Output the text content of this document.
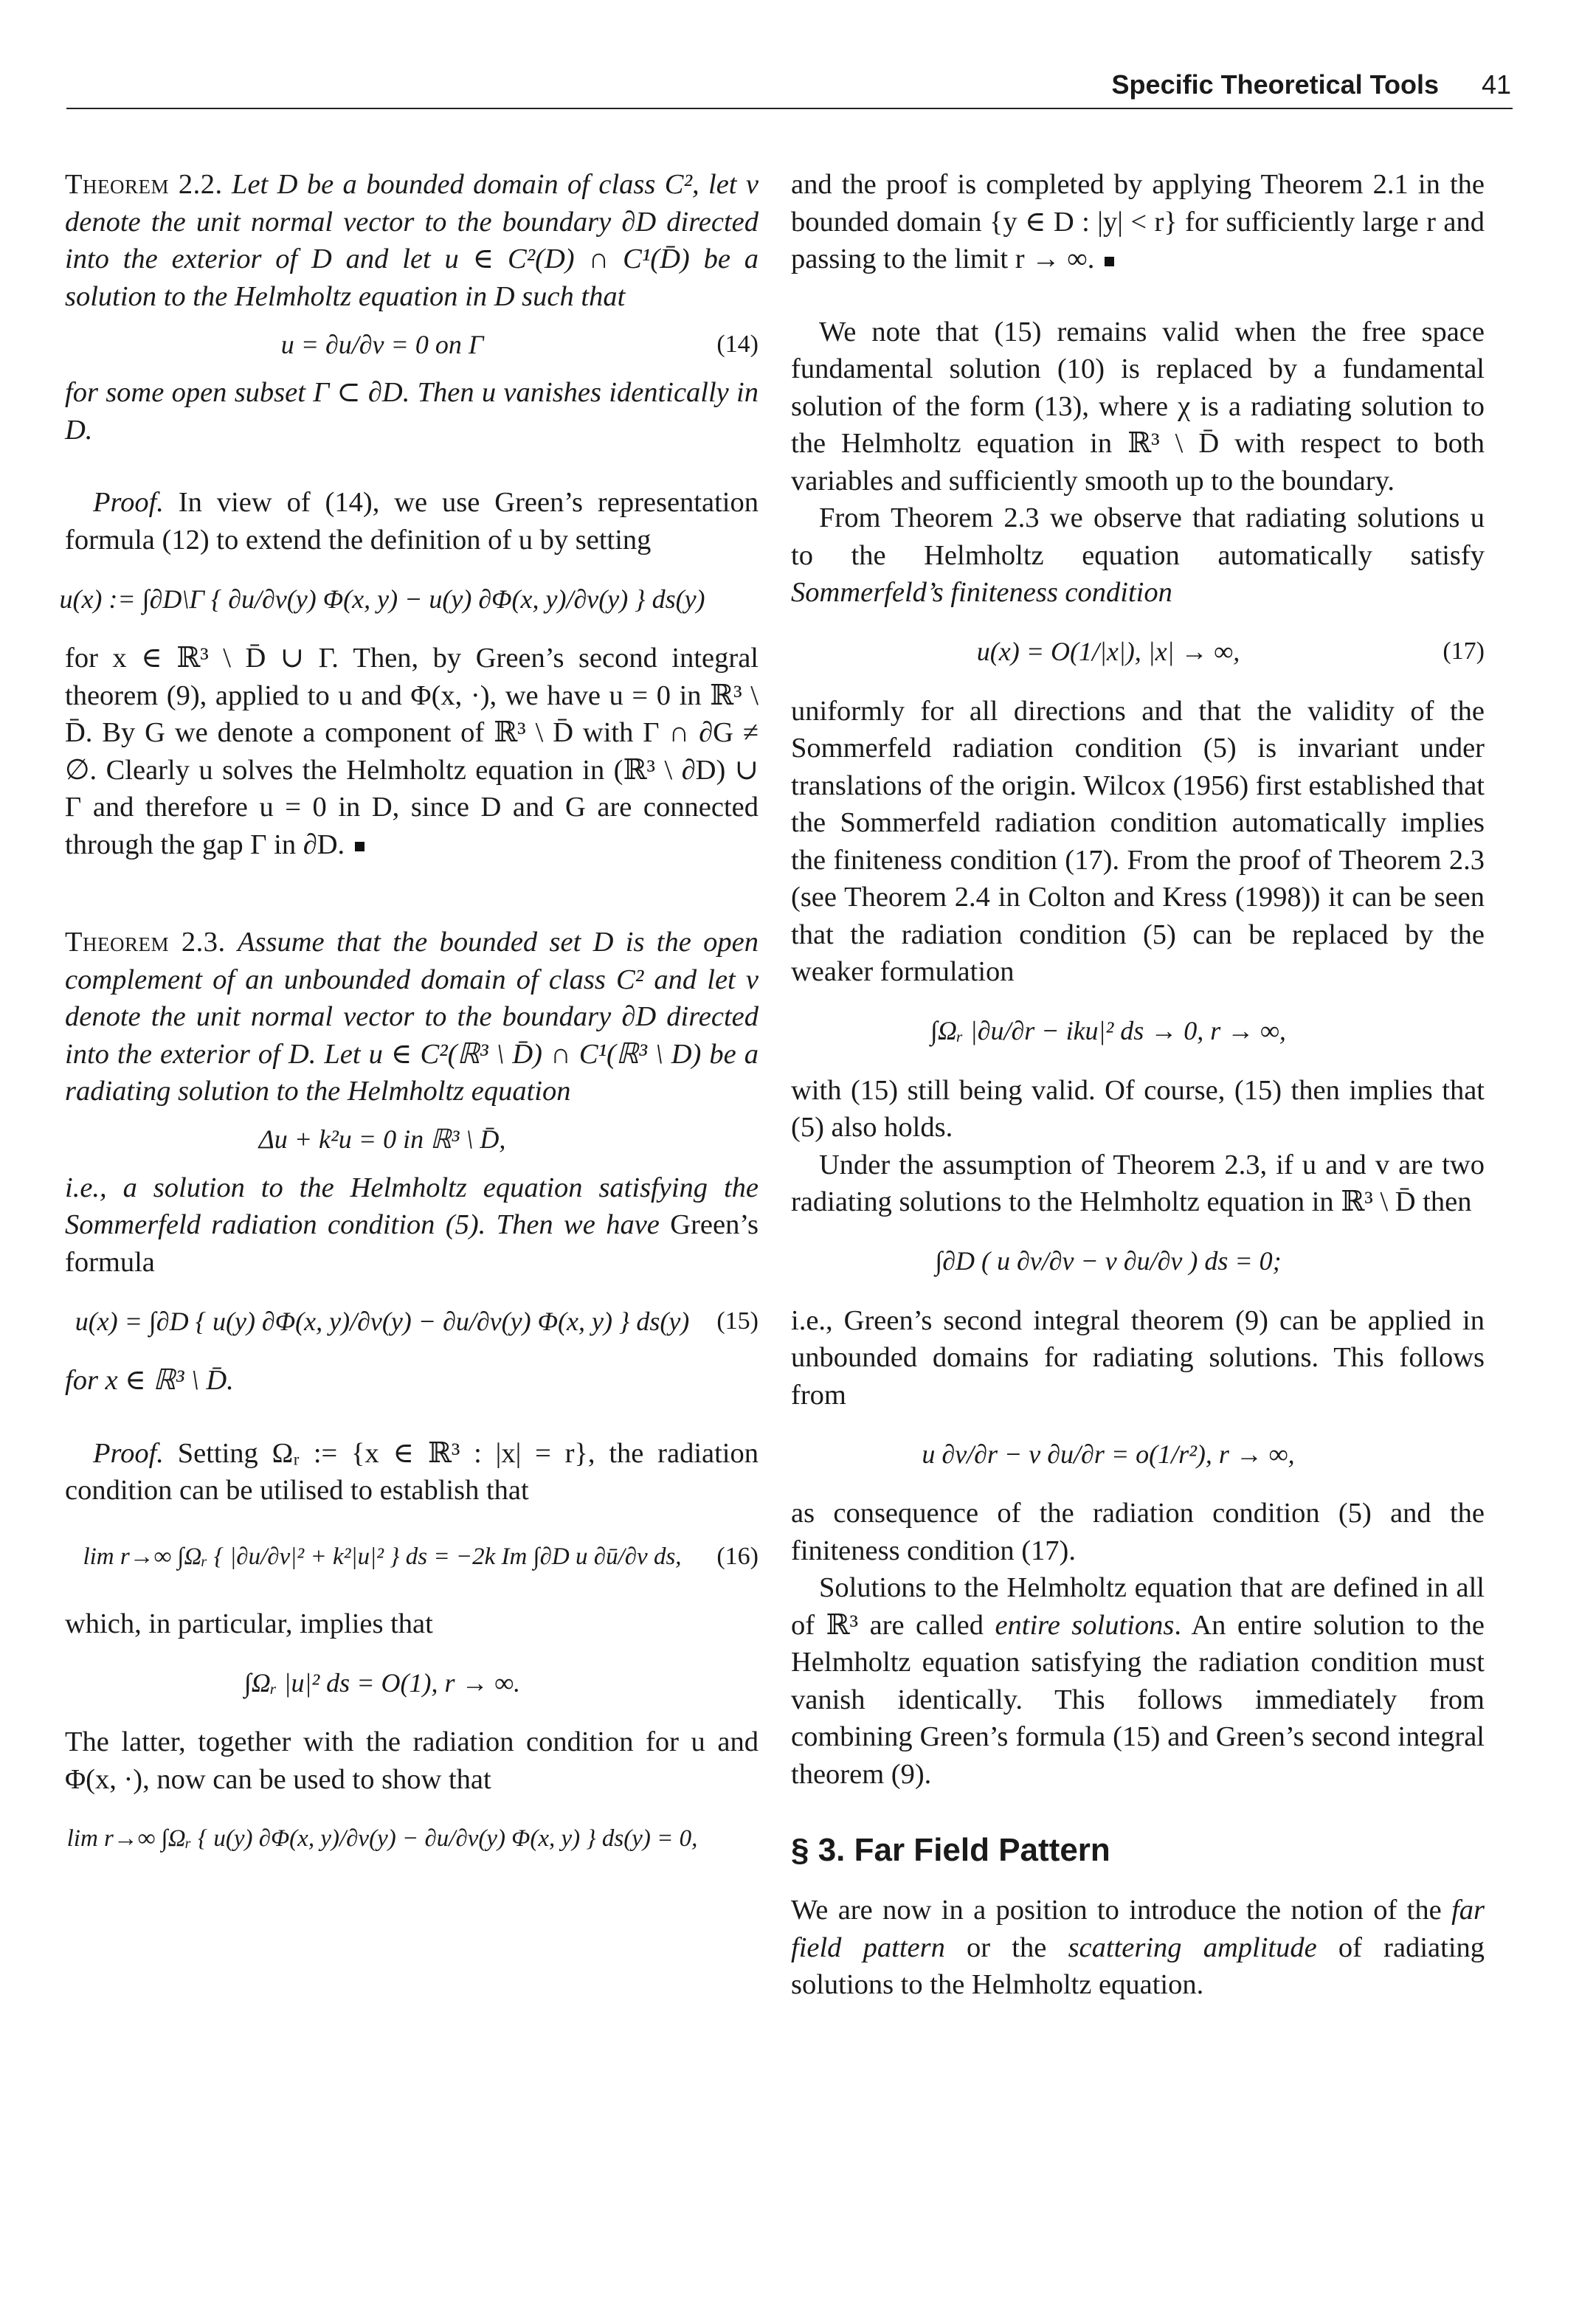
Specific Theoretical Tools 41

Theorem 2.2. Let D be a bounded domain of class C², let ν denote the unit normal vector to the boundary ∂D directed into the exterior of D and let u ∈ C²(D) ∩ C¹(D̄) be a solution to the Helmholtz equation in D such that

u = ∂u/∂ν = 0 on Γ	(14)

for some open subset Γ ⊂ ∂D. Then u vanishes identically in D.

Proof. In view of (14), we use Green’s representation formula (12) to extend the definition of u by setting

u(x) := ∫∂D\Γ { ∂u/∂ν(y) Φ(x, y) − u(y) ∂Φ(x, y)/∂ν(y) } ds(y)

for x ∈ ℝ³ \ D̄ ∪ Γ. Then, by Green’s second integral theorem (9), applied to u and Φ(x, ·), we have u = 0 in ℝ³ \ D̄. By G we denote a component of ℝ³ \ D̄ with Γ ∩ ∂G ≠ ∅. Clearly u solves the Helmholtz equation in (ℝ³ \ ∂D) ∪ Γ and therefore u = 0 in D, since D and G are connected through the gap Γ in ∂D.

Theorem 2.3. Assume that the bounded set D is the open complement of an unbounded domain of class C² and let ν denote the unit normal vector to the boundary ∂D directed into the exterior of D. Let u ∈ C²(ℝ³ \ D̄) ∩ C¹(ℝ³ \ D) be a radiating solution to the Helmholtz equation

Δu + k²u = 0 in ℝ³ \ D̄,

i.e., a solution to the Helmholtz equation satisfying the Sommerfeld radiation condition (5). Then we have Green’s formula

u(x) = ∫∂D { u(y) ∂Φ(x, y)/∂ν(y) − ∂u/∂ν(y) Φ(x, y) } ds(y)	(15)

for x ∈ ℝ³ \ D̄.

Proof. Setting Ωᵣ := {x ∈ ℝ³ : |x| = r}, the radiation condition can be utilised to establish that

lim r→∞ ∫Ωᵣ { |∂u/∂ν|² + k²|u|² } ds = −2k Im ∫∂D u ∂ū/∂ν ds,	(16)

which, in particular, implies that

∫Ωᵣ |u|² ds = O(1), r → ∞.

The latter, together with the radiation condition for u and Φ(x, ·), now can be used to show that

lim r→∞ ∫Ωᵣ { u(y) ∂Φ(x, y)/∂ν(y) − ∂u/∂ν(y) Φ(x, y) } ds(y) = 0,

and the proof is completed by applying Theorem 2.1 in the bounded domain {y ∈ D : |y| < r} for sufficiently large r and passing to the limit r → ∞.

We note that (15) remains valid when the free space fundamental solution (10) is replaced by a fundamental solution of the form (13), where χ is a radiating solution to the Helmholtz equation in ℝ³ \ D̄ with respect to both variables and sufficiently smooth up to the boundary.

From Theorem 2.3 we observe that radiating solutions u to the Helmholtz equation automatically satisfy Sommerfeld’s finiteness condition

u(x) = O(1/|x|), |x| → ∞,	(17)

uniformly for all directions and that the validity of the Sommerfeld radiation condition (5) is invariant under translations of the origin. Wilcox (1956) first established that the Sommerfeld radiation condition automatically implies the finiteness condition (17). From the proof of Theorem 2.3 (see Theorem 2.4 in Colton and Kress (1998)) it can be seen that the radiation condition (5) can be replaced by the weaker formulation

∫Ωᵣ |∂u/∂r − iku|² ds → 0, r → ∞,

with (15) still being valid. Of course, (15) then implies that (5) also holds.

Under the assumption of Theorem 2.3, if u and v are two radiating solutions to the Helmholtz equation in ℝ³ \ D̄ then

∫∂D ( u ∂v/∂ν − v ∂u/∂ν ) ds = 0;

i.e., Green’s second integral theorem (9) can be applied in unbounded domains for radiating solutions. This follows from

u ∂v/∂r − v ∂u/∂r = o(1/r²), r → ∞,

as consequence of the radiation condition (5) and the finiteness condition (17).

Solutions to the Helmholtz equation that are defined in all of ℝ³ are called entire solutions. An entire solution to the Helmholtz equation satisfying the radiation condition must vanish identically. This follows immediately from combining Green’s formula (15) and Green’s second integral theorem (9).

§ 3. Far Field Pattern

We are now in a position to introduce the notion of the far field pattern or the scattering amplitude of radiating solutions to the Helmholtz equation.
